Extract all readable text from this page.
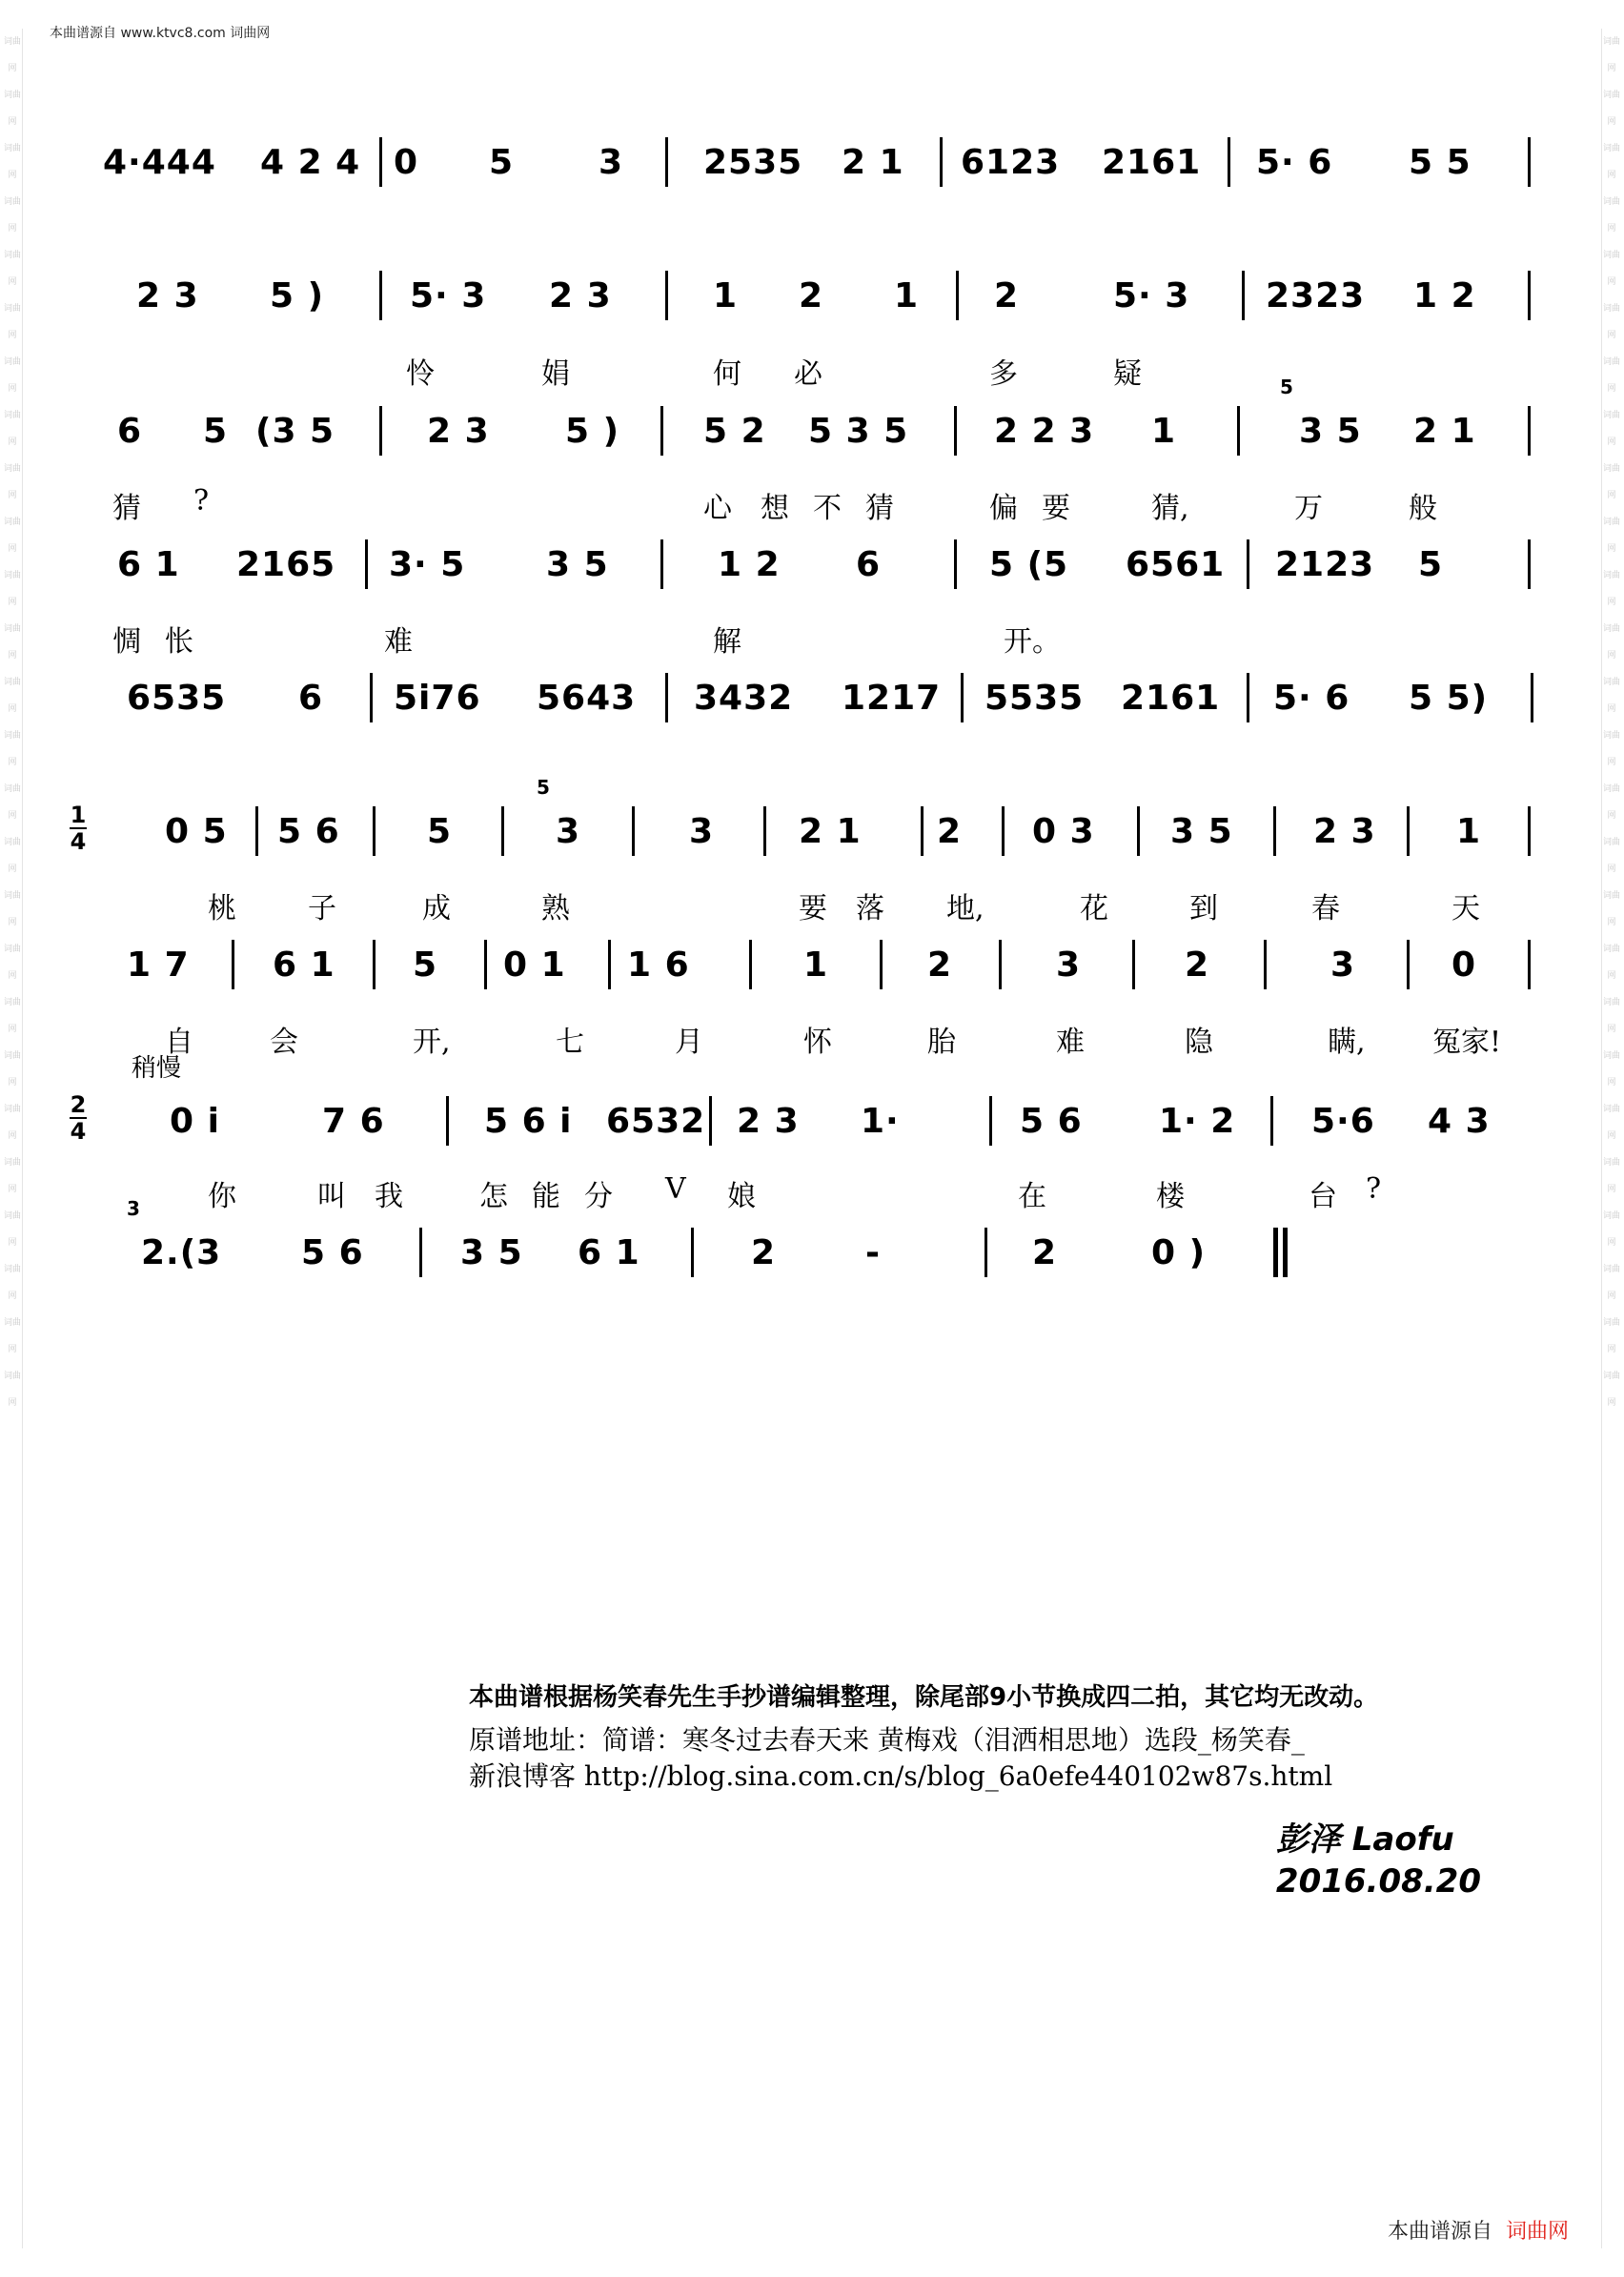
本曲谱源自 www.ktvc8.com 词曲网
词曲网
词曲网
词曲网
词曲网
词曲网
词曲网
词曲网
词曲网
词曲网
词曲网
词曲网
词曲网
词曲网
词曲网
词曲网
词曲网
词曲网
词曲网
词曲网
词曲网
词曲网
词曲网
词曲网
词曲网
词曲网
词曲网
词曲网
词曲网
词曲网
词曲网
词曲网
词曲网
词曲网
词曲网
词曲网
词曲网
词曲网
词曲网
词曲网
词曲网
词曲网
词曲网
词曲网
词曲网
词曲网
词曲网
词曲网
词曲网
词曲网
词曲网
词曲网
词曲网
4·444 4 2 4 0 5 3 2535 2 1 6123 2161 5· 6 5 5
2 3 5 ) 5· 3 2 3	1 2 1 2	5· 3 2323 1 2
6 5 (3 5	2 3 5 ) 5 2 5 3 5 2 2 3 1	3 5 2 1
5
6 1 2165 3· 5 3 5	1 2 6	5 (5 6561 2123 5
6535 6 5i76 5643 3432 1217 5535 2161 5· 6 5 5)
0 5 5 6	5	3	3 2 1 2 0 3 3 5 2 3 1
1
4
5
1 7 6 1 5 0 1 1 6	1	2	3	2	3	0
0 i	7 6	5 6 i 6532 2 3 1·	5 6 1· 2 5·6 4 3
2
4
稍慢
2.(3 5 6	3 5 6 1	2	-	2	0 )
3
怜	娟	何 必	多	疑
猜 ?	心 想 不 猜	偏 要	猜,	万	般
惆 怅	难	解	开。
桃	子	成	熟	要 落 地,	花	到	春	天
自	会	开,	七	月	怀	胎	难	隐	瞒, 冤家!
你	叫 我	怎 能 分 V 娘	在	楼	台 ?
本曲谱根据杨笑春先生手抄谱编辑整理，除尾部9小节换成四二拍，其它均无改动。
原谱地址：简谱：寒冬过去春天来 黄梅戏（泪洒相思地）选段_杨笑春_
新浪博客 http://blog.sina.com.cn/s/blog_6a0efe440102w87s.html
彭泽 Laofu
2016.08.20
本曲谱源自 词曲网
